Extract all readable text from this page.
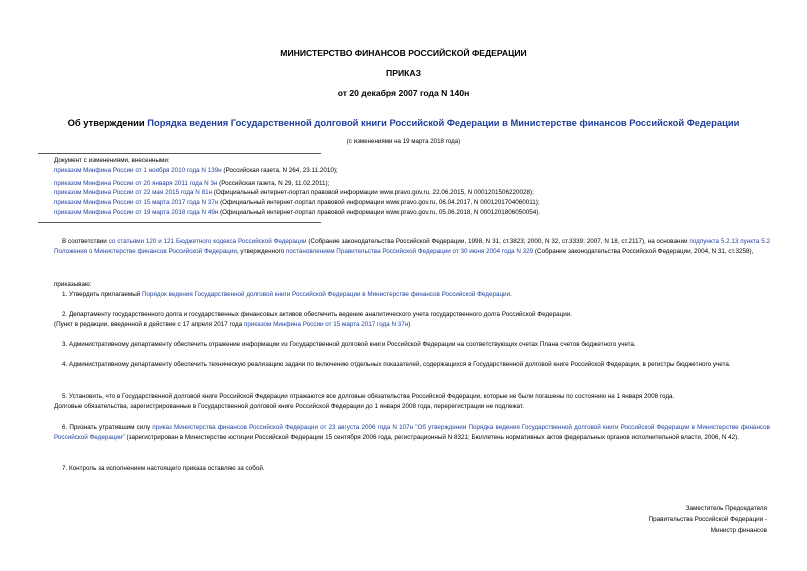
МИНИСТЕРСТВО ФИНАНСОВ РОССИЙСКОЙ ФЕДЕРАЦИИ
ПРИКАЗ
от 20 декабря 2007 года N 140н
Об утверждении Порядка ведения Государственной долговой книги Российской Федерации в Министерстве финансов Российской Федерации
(с изменениями на 19 марта 2018 года)
Документ с изменениями, внесенными:
приказом Минфина России от 1 ноября 2010 года N 139н (Российская газета, N 264, 23.11.2010);
приказом Минфина России от 20 января 2011 года N 3н (Российская газета, N 29, 11.02.2011);
приказом Минфина России от 22 мая 2015 года N 81н (Официальный интернет-портал правовой информации www.pravo.gov.ru, 22.06.2015, N 0001201506220028);
приказом Минфина России от 15 марта 2017 года N 37н (Официальный интернет-портал правовой информации www.pravo.gov.ru, 06.04.2017, N 0001201704060011);
приказом Минфина России от 19 марта 2018 года N 49н (Официальный интернет-портал правовой информации www.pravo.gov.ru, 05.06.2018, N 0001201806050054).

В соответствии со статьями 120 и 121 Бюджетного кодекса Российской Федерации (Собрание законодательства Российской Федерации, 1998, N 31, ст.3823; 2000, N 32, ст.3339; 2007, N 18, ст.2117), на основании подпункта 5.2.13 пункта 5.2 Положения о Министерстве финансов Российской Федерации, утвержденного постановлением Правительства Российской Федерации от 30 июня 2004 года N 329 (Собрание законодательства Российской Федерации, 2004, N 31, ст.3258),

приказываю:
1. Утвердить прилагаемый Порядок ведения Государственной долговой книги Российской Федерации в Министерстве финансов Российской Федерации.
2. Департаменту государственного долга и государственных финансовых активов обеспечить ведение аналитического учета государственного долга Российской Федерации.
(Пункт в редакции, введенной в действие с 17 апреля 2017 года приказом Минфина России от 15 марта 2017 года N 37н)
3. Административному департаменту обеспечить отражение информации из Государственной долговой книги Российской Федерации на соответствующих счетах Плана счетов бюджетного учета.

4. Административному департаменту обеспечить техническую реализацию задачи по включению отдельных показателей, содержащихся в Государственной долговой книге Российской Федерации, в регистры бюджетного учета.

5. Установить, что в Государственной долговой книге Российской Федерации отражаются все долговые обязательства Российской Федерации, которые не были погашены по состоянию на 1 января 2008 года.
Долговые обязательства, зарегистрированные в Государственной долговой книге Российской Федерации до 1 января 2008 года, перерегистрации не подлежат.

6. Признать утратившим силу приказ Министерства финансов Российской Федерации от 23 августа 2006 года N 107н "Об утверждении Порядка ведения Государственной долговой книги Российской Федерации в Министерстве финансов Российской Федерации" (зарегистрирован в Министерстве юстиции Российской Федерации 15 сентября 2006 года, регистрационный N 8321; Бюллетень нормативных актов федеральных органов исполнительной власти, 2006, N 42).

7. Контроль за исполнением настоящего приказа оставляю за собой.
Заместитель Председателя
Правительства Российской Федерации -
Министр финансов
